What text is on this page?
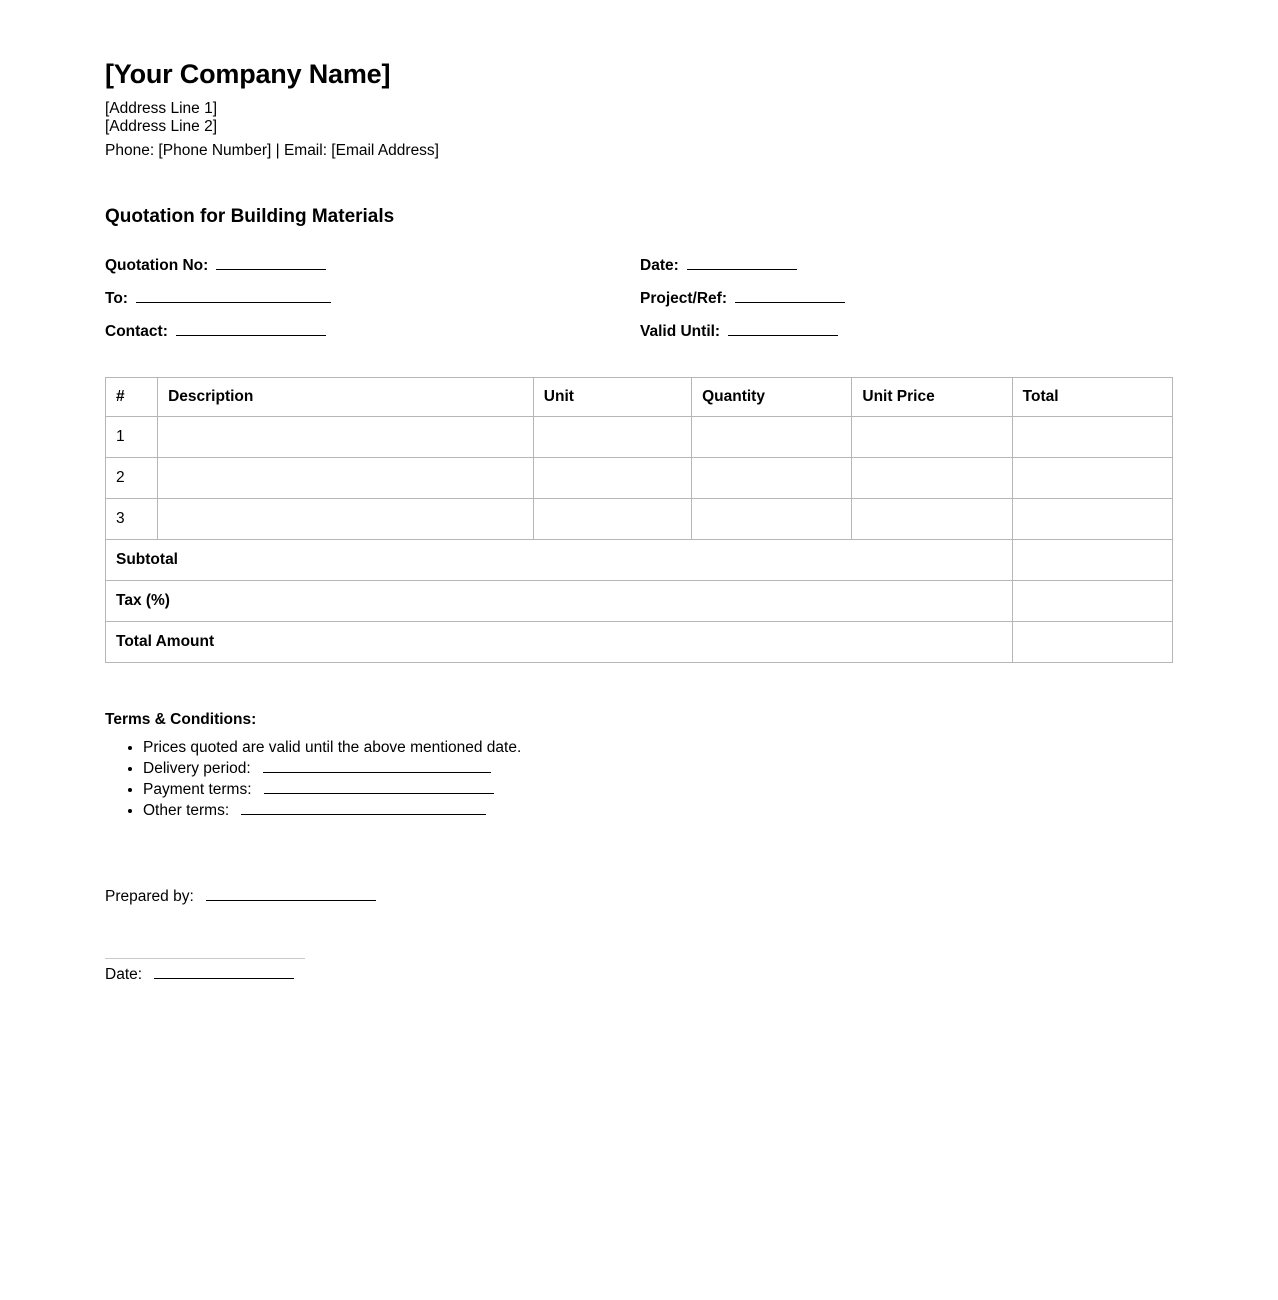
[Your Company Name]

[Address Line 1]

[Address Line 2]

Phone: [Phone Number] | Email: [Email Address]

Quotation for Building Materials
Quotation No:	Date:
To:	Project/Ref:
Contact:	Valid Until:
#	Description	Unit	Quantity	Unit Price	Total
1					
2					
3					
Subtotal					
Tax (%)					
Total Amount					

Terms & Conditions:

• Prices quoted are valid until the above mentioned date.
• Delivery period:
• Payment terms:
• Other terms:

Prepared by:

Date:
